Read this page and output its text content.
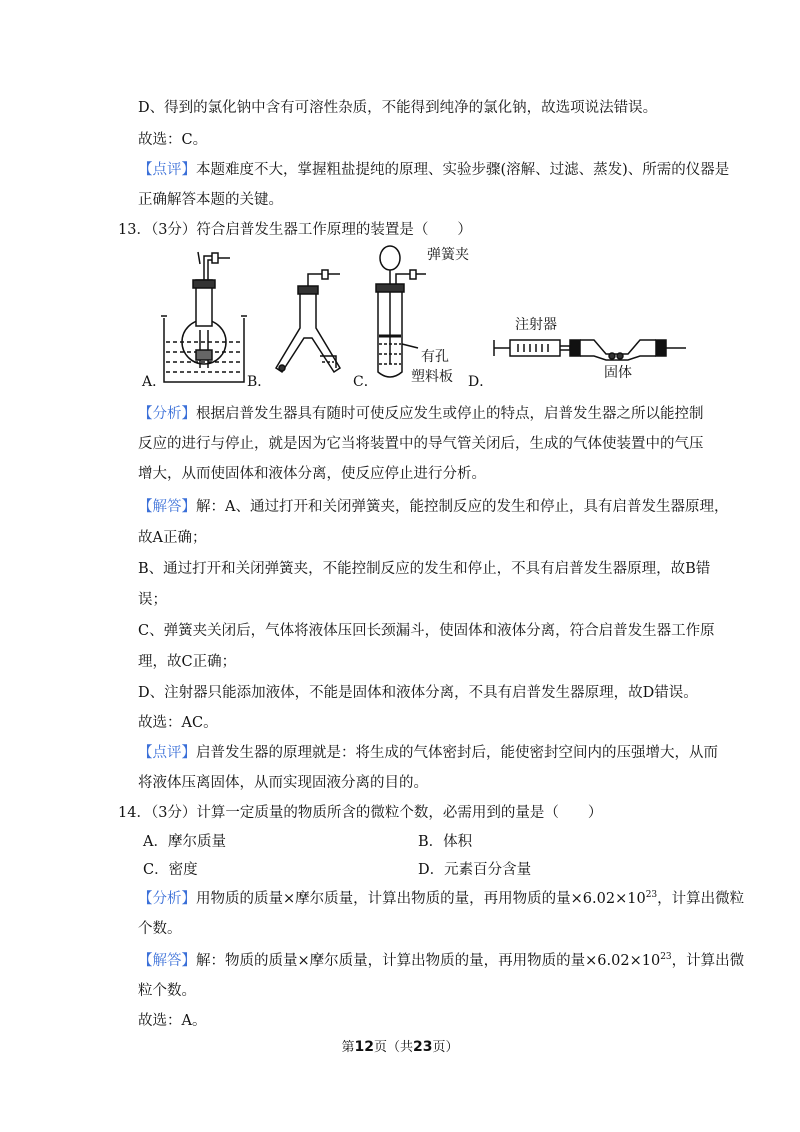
D、得到的氯化钠中含有可溶性杂质，不能得到纯净的氯化钠，故选项说法错误。
故选：C。
【点评】本题难度不大，掌握粗盐提纯的原理、实验步骤(溶解、过滤、蒸发)、所需的仪器是
正确解答本题的关键。
13．（3分）符合启普发生器工作原理的装置是（　　）
A．	B．	C．	D．
弹簧夹
有孔
塑料板
注射器
固体
【分析】根据启普发生器具有随时可使反应发生或停止的特点，启普发生器之所以能控制
反应的进行与停止，就是因为它当将装置中的导气管关闭后，生成的气体使装置中的气压
增大，从而使固体和液体分离，使反应停止进行分析。
【解答】解：A、通过打开和关闭弹簧夹，能控制反应的发生和停止，具有启普发生器原理，
故A正确；
B、通过打开和关闭弹簧夹，不能控制反应的发生和停止，不具有启普发生器原理，故B错
误；
C、弹簧夹关闭后，气体将液体压回长颈漏斗，使固体和液体分离，符合启普发生器工作原
理，故C正确；
D、注射器只能添加液体，不能是固体和液体分离，不具有启普发生器原理，故D错误。
故选：AC。
【点评】启普发生器的原理就是：将生成的气体密封后，能使密封空间内的压强增大，从而
将液体压离固体，从而实现固液分离的目的。
14．（3分）计算一定质量的物质所含的微粒个数，必需用到的量是（　　）
A．摩尔质量	B．体积
C．密度	D．元素百分含量
【分析】用物质的质量×摩尔质量，计算出物质的量，再用物质的量$\times 6.02\times 10^{23}$，计算出微粒
个数。
【解答】解：物质的质量×摩尔质量，计算出物质的量，再用物质的量$\times 6.02\times 10^{23}$，计算出微
粒个数。
故选：A。
第12页（共23页）
